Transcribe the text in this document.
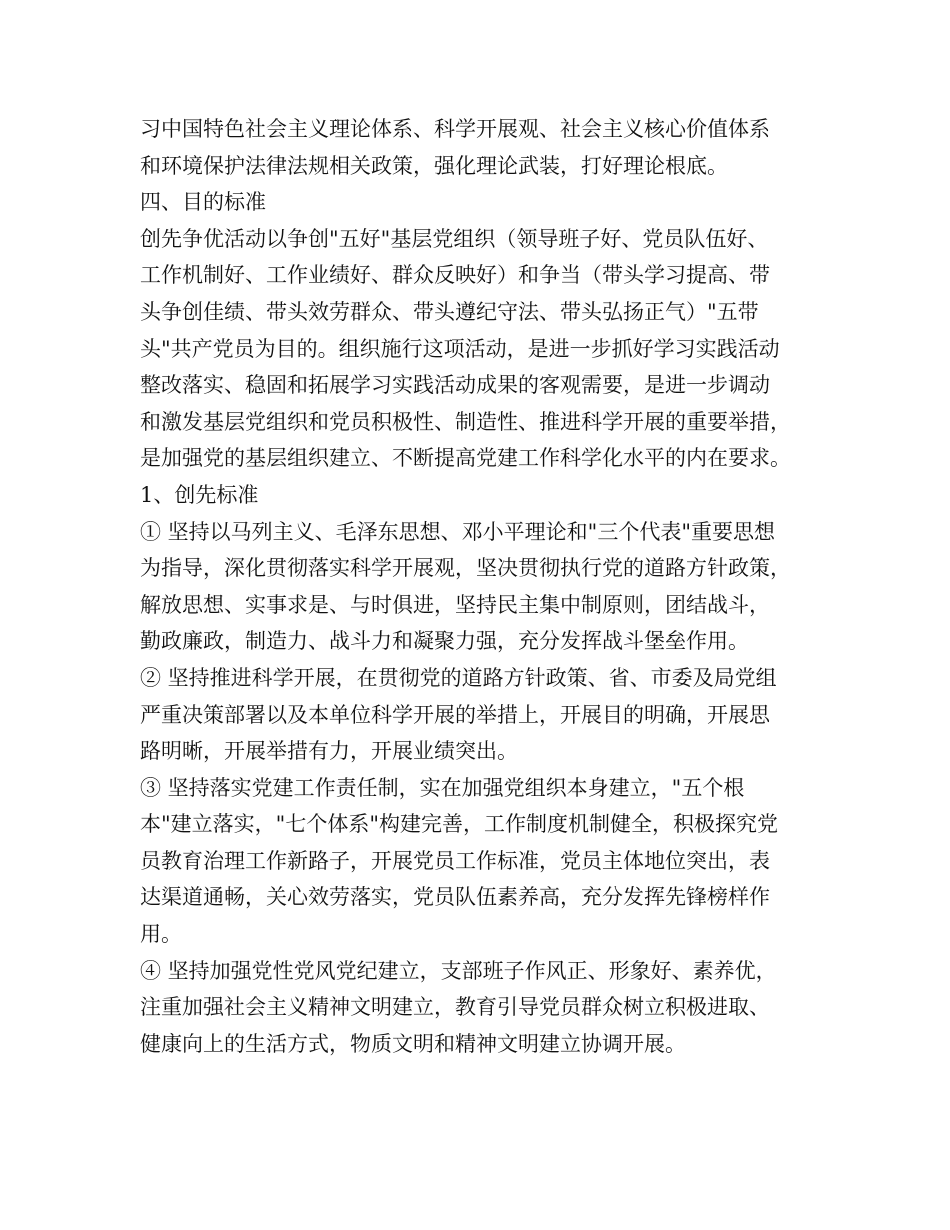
习中国特色社会主义理论体系、科学开展观、社会主义核心价值体系
和环境保护法律法规相关政策，强化理论武装，打好理论根底。
四、目的标准
创先争优活动以争创"五好"基层党组织（领导班子好、党员队伍好、
工作机制好、工作业绩好、群众反映好）和争当（带头学习提高、带
头争创佳绩、带头效劳群众、带头遵纪守法、带头弘扬正气）"五带
头"共产党员为目的。组织施行这项活动，是进一步抓好学习实践活动
整改落实、稳固和拓展学习实践活动成果的客观需要，是进一步调动
和激发基层党组织和党员积极性、制造性、推进科学开展的重要举措，
是加强党的基层组织建立、不断提高党建工作科学化水平的内在要求。
1、创先标准
① 坚持以马列主义、毛泽东思想、邓小平理论和"三个代表"重要思想
为指导，深化贯彻落实科学开展观，坚决贯彻执行党的道路方针政策，
解放思想、实事求是、与时俱进，坚持民主集中制原则，团结战斗，
勤政廉政，制造力、战斗力和凝聚力强，充分发挥战斗堡垒作用。
② 坚持推进科学开展，在贯彻党的道路方针政策、省、市委及局党组
严重决策部署以及本单位科学开展的举措上，开展目的明确，开展思
路明晰，开展举措有力，开展业绩突出。
③ 坚持落实党建工作责任制，实在加强党组织本身建立，"五个根
本"建立落实，"七个体系"构建完善，工作制度机制健全，积极探究党
员教育治理工作新路子，开展党员工作标准，党员主体地位突出，表
达渠道通畅，关心效劳落实，党员队伍素养高，充分发挥先锋榜样作
用。
④ 坚持加强党性党风党纪建立，支部班子作风正、形象好、素养优，
注重加强社会主义精神文明建立，教育引导党员群众树立积极进取、
健康向上的生活方式，物质文明和精神文明建立协调开展。
